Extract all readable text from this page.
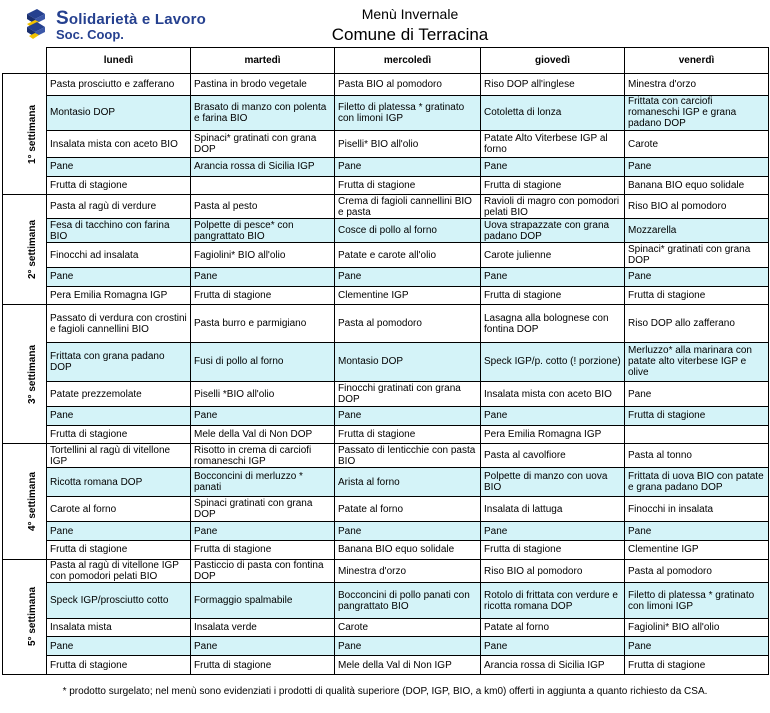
Solidarietà e Lavoro
Soc. Coop.
Menù Invernale
Comune di Terracina
	lunedì	martedì	mercoledì	giovedì	venerdì
1° settimana	Pasta prosciutto e zafferano	Pastina in brodo vegetale	Pasta BIO al pomodoro	Riso DOP all'inglese	Minestra d'orzo
	Montasio DOP	Brasato di manzo con polenta e farina BIO	Filetto di platessa * gratinato con limoni IGP	Cotoletta di lonza	Frittata con carciofi romaneschi IGP e grana padano DOP
	Insalata mista con aceto BIO	Spinaci* gratinati con grana DOP	Piselli* BIO all'olio	Patate Alto Viterbese IGP al forno	Carote
	Pane	Arancia rossa di Sicilia IGP	Pane	Pane	Pane
	Frutta di stagione		Frutta di stagione	Frutta di stagione	Banana BIO equo solidale
2° settimana	Pasta al ragù di verdure	Pasta al pesto	Crema di fagioli cannellini BIO e pasta	Ravioli di magro con pomodori pelati BIO	Riso BIO al pomodoro
	Fesa di tacchino con farina BIO	Polpette di pesce* con pangrattato BIO	Cosce di pollo al forno	Uova strapazzate con grana padano DOP	Mozzarella
	Finocchi ad insalata	Fagiolini* BIO all'olio	Patate e carote all'olio	Carote julienne	Spinaci* gratinati con grana DOP
	Pane	Pane	Pane	Pane	Pane
	Pera Emilia Romagna IGP	Frutta di stagione	Clementine IGP	Frutta di stagione	Frutta di stagione
3° settimana	Passato di verdura con crostini e fagioli cannellini BIO	Pasta burro e parmigiano	Pasta al pomodoro	Lasagna alla bolognese con fontina DOP	Riso DOP allo zafferano
	Frittata con grana padano DOP	Fusi di pollo al forno	Montasio DOP	Speck IGP/p. cotto (! porzione)	Merluzzo* alla marinara con patate alto viterbese IGP e olive
	Patate prezzemolate	Piselli *BIO all'olio	Finocchi gratinati con grana DOP	Insalata mista con aceto BIO	Pane
	Pane	Pane	Pane	Pane	Frutta di stagione
	Frutta di stagione	Mele della Val di Non DOP	Frutta di stagione	Pera Emilia Romagna IGP	
4° settimana	Tortellini al ragù di vitellone IGP	Risotto in crema di carciofi romaneschi IGP	Passato di lenticchie con pasta BIO	Pasta al cavolfiore	Pasta al tonno
	Ricotta romana DOP	Bocconcini di merluzzo * panati	Arista al forno	Polpette di manzo con uova BIO	Frittata di uova BIO con patate e grana padano DOP
	Carote al forno	Spinaci gratinati con grana DOP	Patate al forno	Insalata di lattuga	Finocchi in insalata
	Pane	Pane	Pane	Pane	Pane
	Frutta di stagione	Frutta di stagione	Banana BIO equo solidale	Frutta di stagione	Clementine IGP
5° settimana	Pasta al ragù di vitellone IGP con pomodori pelati BIO	Pasticcio di pasta con fontina DOP	Minestra d'orzo	Riso BIO al pomodoro	Pasta al pomodoro
	Speck IGP/prosciutto cotto	Formaggio spalmabile	Bocconcini di pollo panati con pangrattato BIO	Rotolo di frittata con verdure e ricotta romana DOP	Filetto di platessa * gratinato con limoni IGP
	Insalata mista	Insalata verde	Carote	Patate al forno	Fagiolini* BIO all'olio
	Pane	Pane	Pane	Pane	Pane
	Frutta di stagione	Frutta di stagione	Mele della Val di Non IGP	Arancia rossa di Sicilia IGP	Frutta di stagione
* prodotto surgelato; nel menù sono evidenziati i prodotti di qualità superiore (DOP, IGP, BIO, a km0) offerti in aggiunta a quanto richiesto da CSA.
